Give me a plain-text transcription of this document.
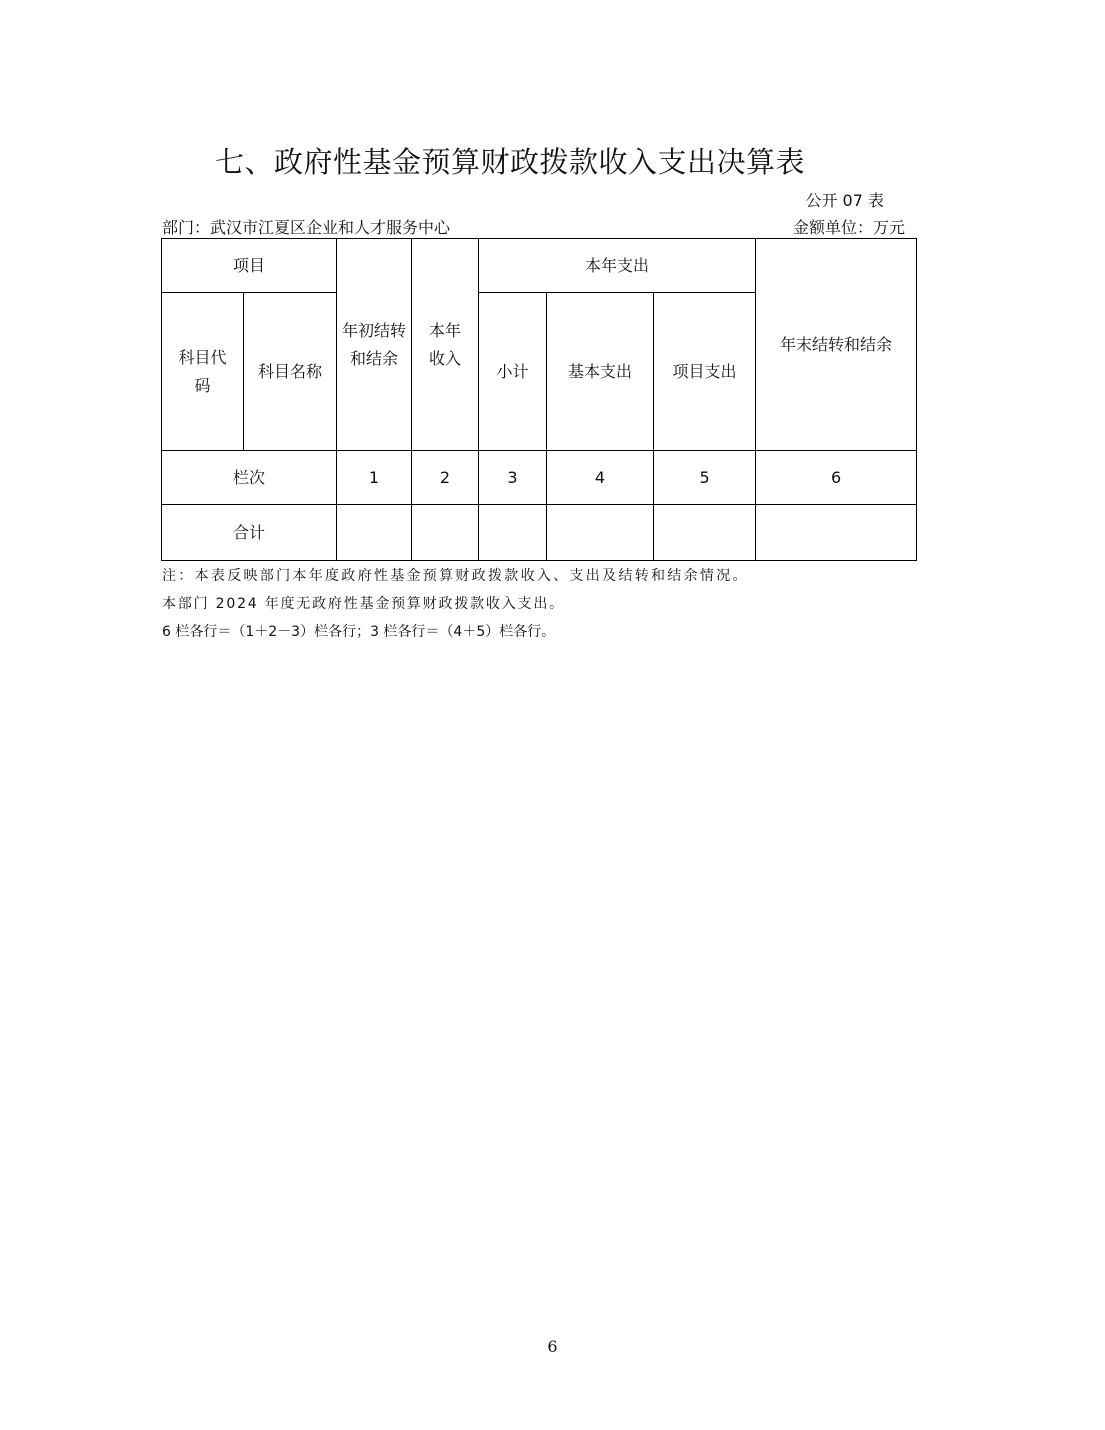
七、政府性基金预算财政拨款收入支出决算表
公开 07 表
部门：武汉市江夏区企业和人才服务中心	金额单位：万元
项目		年初结转和结余	本年收入	本年支出			年末结转和结余
科目代码	科目名称			小计	基本支出	项目支出	
栏次		1	2	3	4	5	6
合计							
注：本表反映部门本年度政府性基金预算财政拨款收入、支出及结转和结余情况。
本部门 2024 年度无政府性基金预算财政拨款收入支出。
6 栏各行＝（1＋2－3）栏各行；3 栏各行＝（4＋5）栏各行。
6
